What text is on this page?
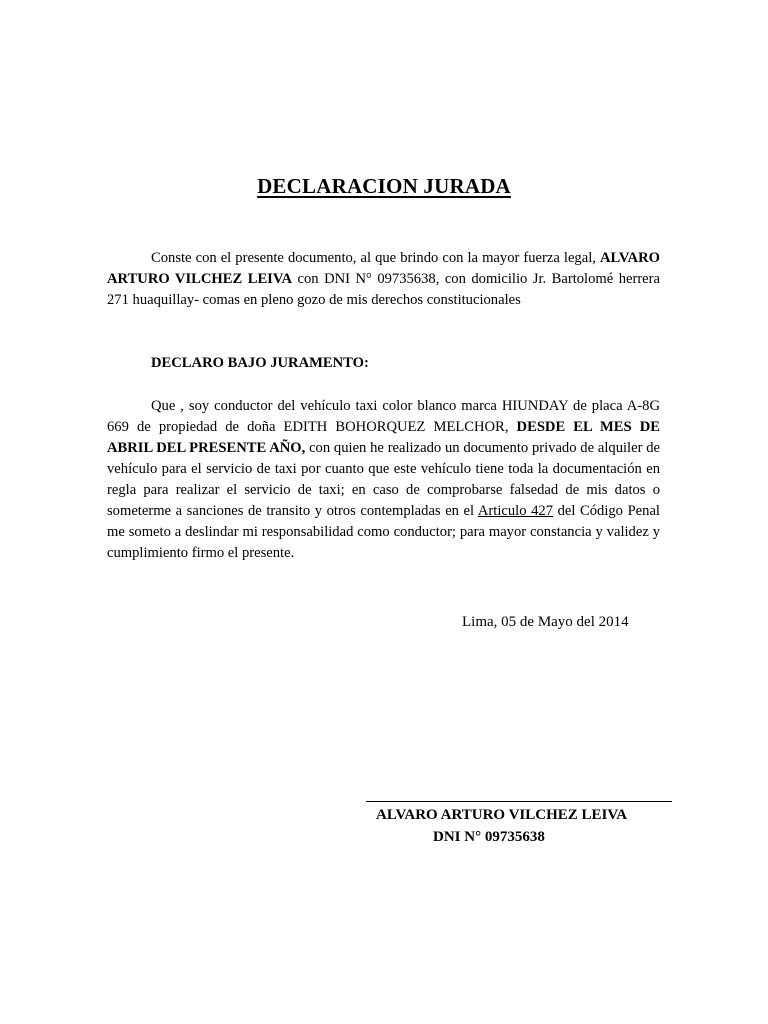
DECLARACION JURADA

Conste con el presente documento, al que brindo con la mayor fuerza legal, ALVARO ARTURO VILCHEZ LEIVA con DNI N° 09735638, con domicilio Jr. Bartolomé herrera 271 huaquillay- comas en pleno gozo de mis derechos constitucionales

DECLARO BAJO JURAMENTO:

Que , soy conductor del vehículo taxi color blanco marca HIUNDAY de placa A-8G 669 de propiedad de doña EDITH BOHORQUEZ MELCHOR, DESDE EL MES DE ABRIL DEL PRESENTE AÑO, con quien he realizado un documento privado de alquiler de vehículo para el servicio de taxi por cuanto que este vehículo tiene toda la documentación en regla para realizar el servicio de taxi; en caso de comprobarse falsedad de mis datos o someterme a sanciones de transito y otros contempladas en el Articulo 427 del Código Penal me someto a deslindar mi responsabilidad como conductor; para mayor constancia y validez y cumplimiento firmo el presente.

Lima, 05 de Mayo del 2014

ALVARO ARTURO VILCHEZ LEIVA

DNI N° 09735638
